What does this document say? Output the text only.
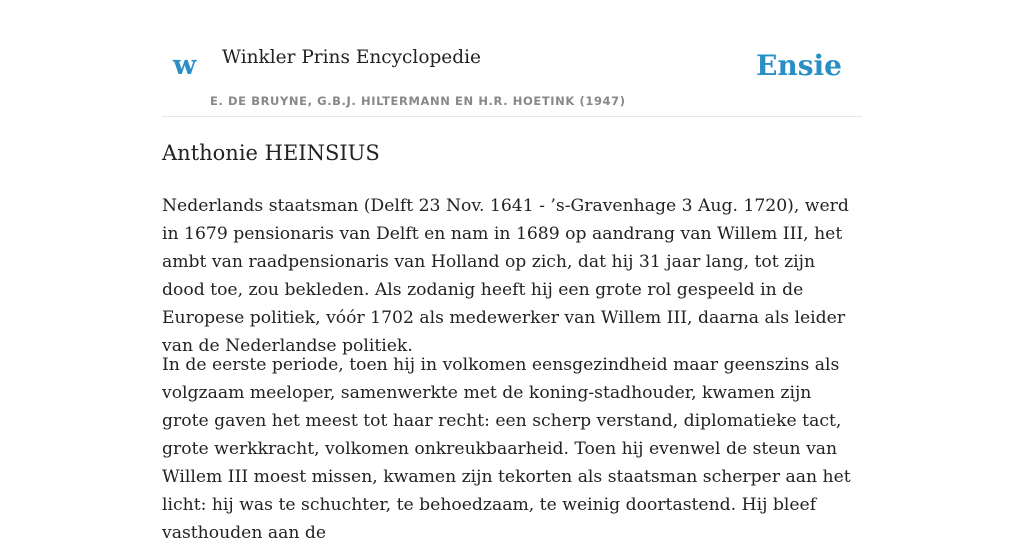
w Winkler Prins Encyclopedie
E. DE BRUYNE, G.B.J. HILTERMANN EN H.R. HOETINK (1947)
Ensie
Anthonie HEINSIUS

Nederlands staatsman (Delft 23 Nov. 1641 - ’s-Gravenhage 3 Aug. 1720), werd in 1679 pensionaris van Delft en nam in 1689 op aandrang van Willem III, het ambt van raadpensionaris van Holland op zich, dat hij 31 jaar lang, tot zijn dood toe, zou bekleden. Als zodanig heeft hij een grote rol gespeeld in de Europese politiek, vóór 1702 als medewerker van Willem III, daarna als leider van de Nederlandse politiek.

In de eerste periode, toen hij in volkomen eensgezindheid maar geenszins als volgzaam meeloper, samenwerkte met de koning-stadhouder, kwamen zijn grote gaven het meest tot haar recht: een scherp verstand, diplomatieke tact, grote werkkracht, volkomen onkreukbaarheid. Toen hij evenwel de steun van Willem III moest missen, kwamen zijn tekorten als staatsman scherper aan het licht: hij was te schuchter, te behoedzaam, te weinig doortastend. Hij bleef vasthouden aan de
